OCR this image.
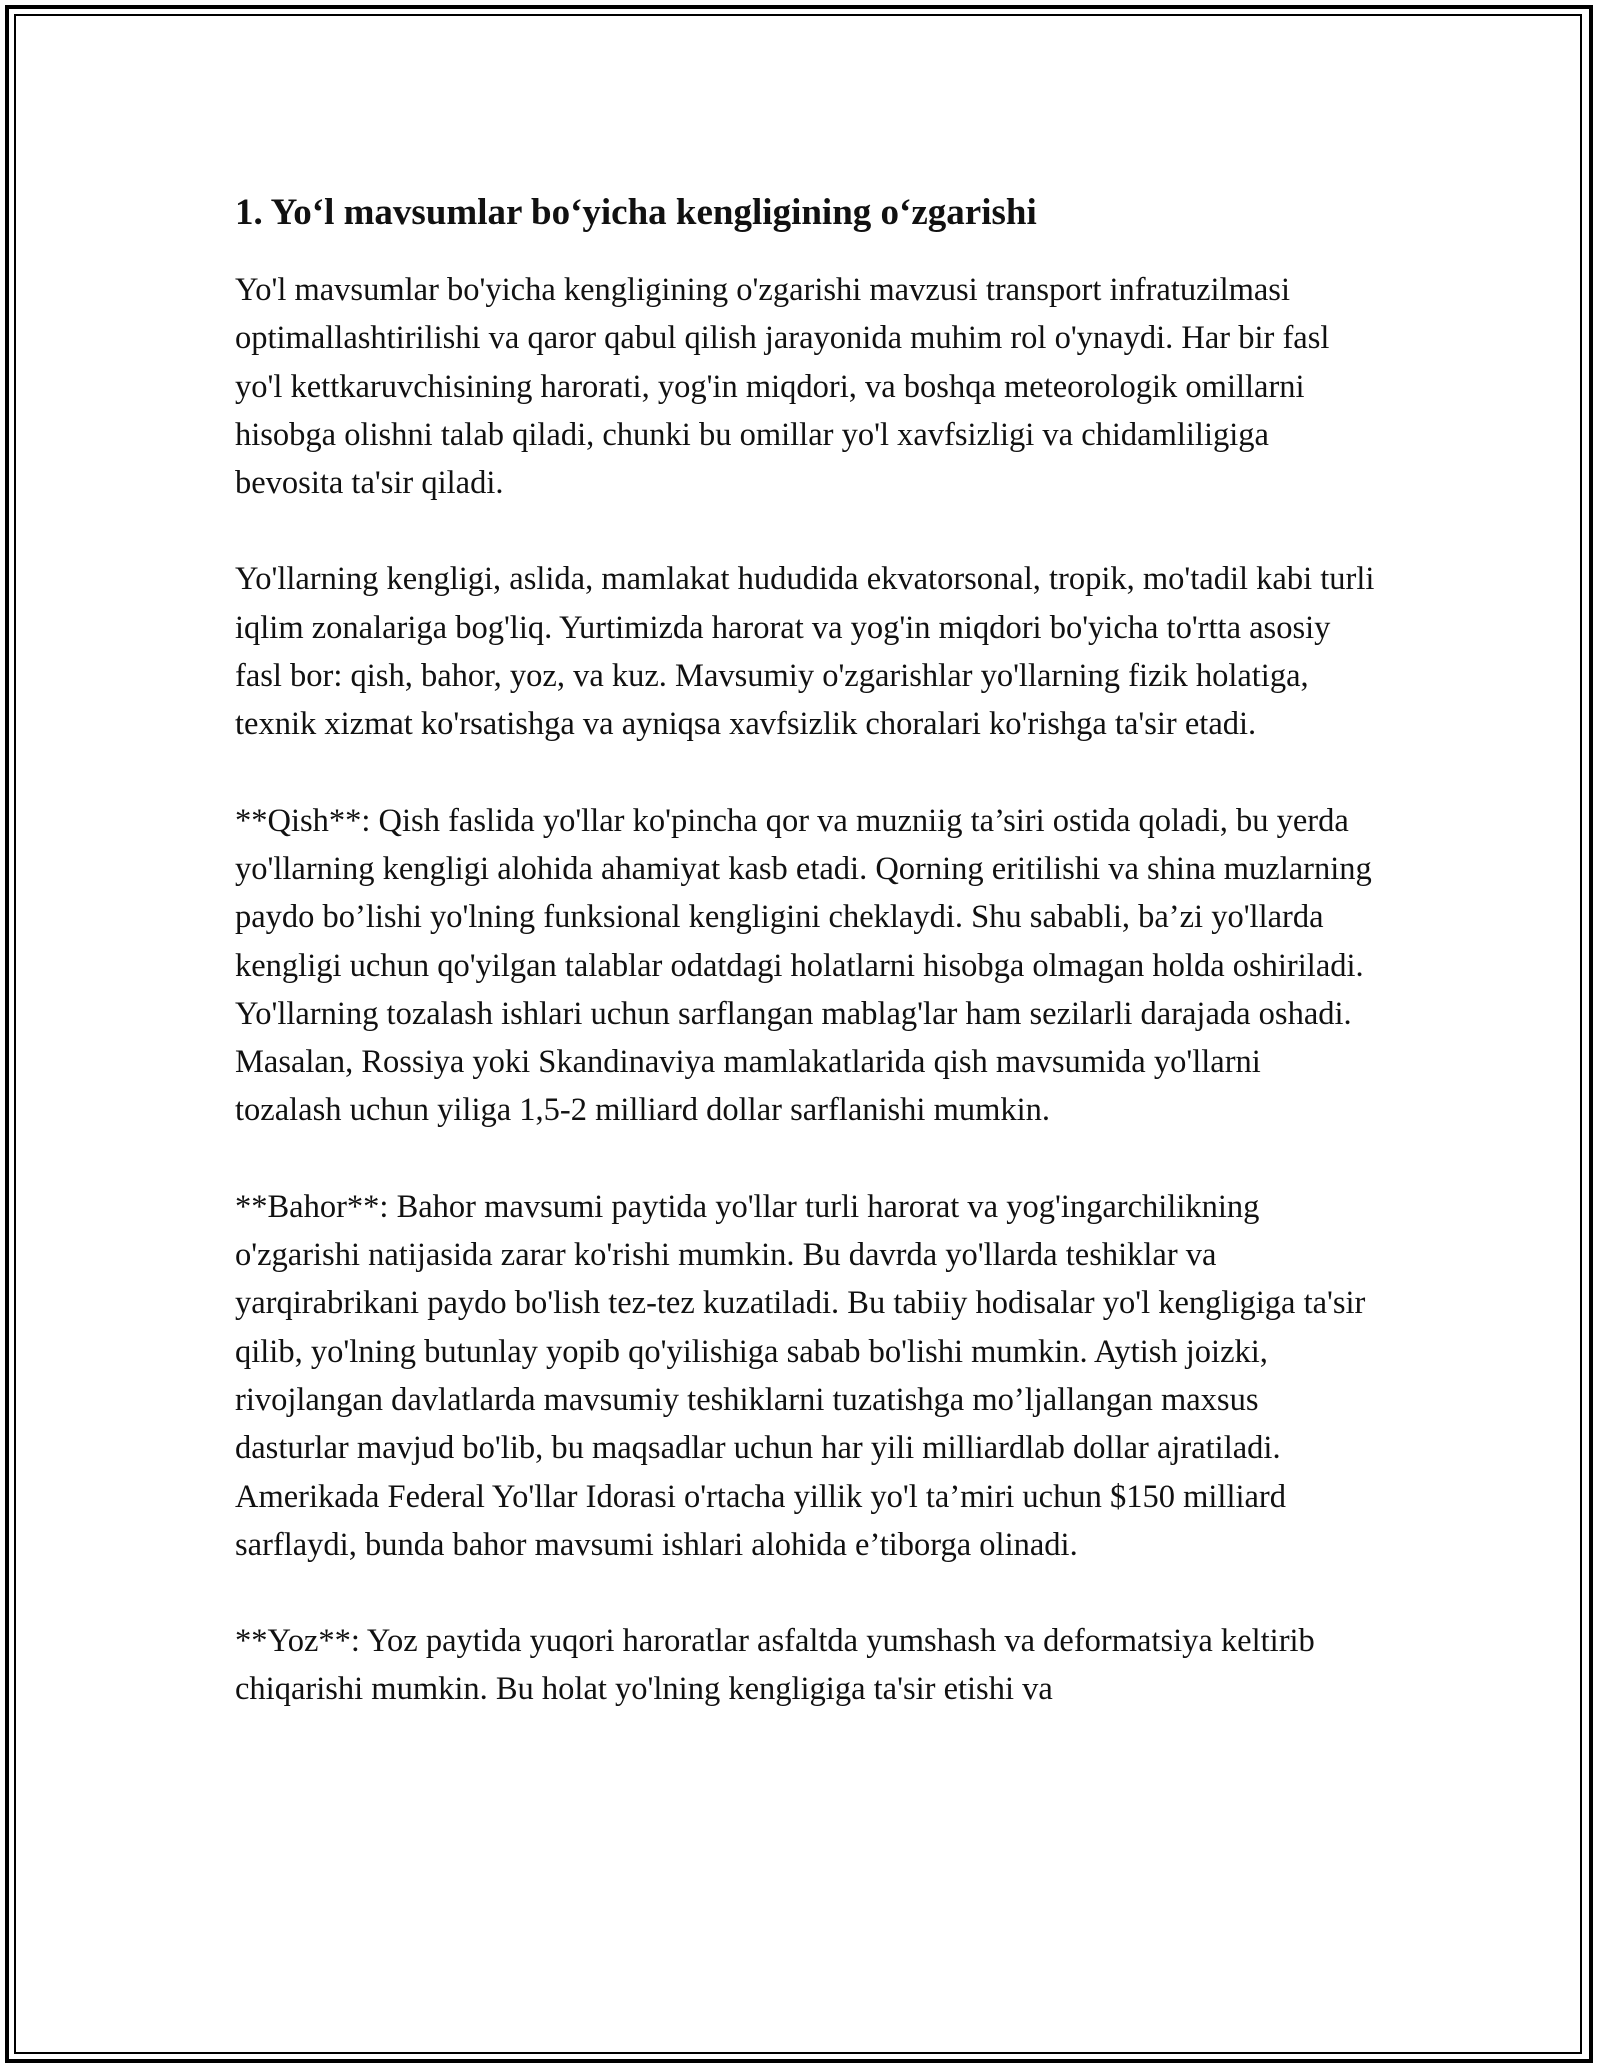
1. Yo‘l mavsumlar bo‘yicha kengligining o‘zgarishi

Yo'l mavsumlar bo'yicha kengligining o'zgarishi mavzusi transport infratuzilmasi optimallashtirilishi va qaror qabul qilish jarayonida muhim rol o'ynaydi. Har bir fasl yo'l kettkaruvchisining harorati, yog'in miqdori, va boshqa meteorologik omillarni hisobga olishni talab qiladi, chunki bu omillar yo'l xavfsizligi va chidamliligiga bevosita ta'sir qiladi.

Yo'llarning kengligi, aslida, mamlakat hududida ekvatorsonal, tropik, mo'tadil kabi turli iqlim zonalariga bog'liq. Yurtimizda harorat va yog'in miqdori bo'yicha to'rtta asosiy fasl bor: qish, bahor, yoz, va kuz. Mavsumiy o'zgarishlar yo'llarning fizik holatiga, texnik xizmat ko'rsatishga va ayniqsa xavfsizlik choralari ko'rishga ta'sir etadi.

**Qish**: Qish faslida yo'llar ko'pincha qor va muzniig ta’siri ostida qoladi, bu yerda yo'llarning kengligi alohida ahamiyat kasb etadi. Qorning eritilishi va shina muzlarning paydo bo’lishi yo'lning funksional kengligini cheklaydi. Shu sababli, ba’zi yo'llarda kengligi uchun qo'yilgan talablar odatdagi holatlarni hisobga olmagan holda oshiriladi. Yo'llarning tozalash ishlari uchun sarflangan mablag'lar ham sezilarli darajada oshadi. Masalan, Rossiya yoki Skandinaviya mamlakatlarida qish mavsumida yo'llarni tozalash uchun yiliga 1,5-2 milliard dollar sarflanishi mumkin.

**Bahor**: Bahor mavsumi paytida yo'llar turli harorat va yog'ingarchilikning o'zgarishi natijasida zarar ko'rishi mumkin. Bu davrda yo'llarda teshiklar va yarqirabrikani paydo bo'lish tez-tez kuzatiladi. Bu tabiiy hodisalar yo'l kengligiga ta'sir qilib, yo'lning butunlay yopib qo'yilishiga sabab bo'lishi mumkin. Aytish joizki, rivojlangan davlatlarda mavsumiy teshiklarni tuzatishga mo’ljallangan maxsus dasturlar mavjud bo'lib, bu maqsadlar uchun har yili milliardlab dollar ajratiladi. Amerikada Federal Yo'llar Idorasi o'rtacha yillik yo'l ta’miri uchun $150 milliard sarflaydi, bunda bahor mavsumi ishlari alohida e’tiborga olinadi.

**Yoz**: Yoz paytida yuqori haroratlar asfaltda yumshash va deformatsiya keltirib chiqarishi mumkin. Bu holat yo'lning kengligiga ta'sir etishi va
